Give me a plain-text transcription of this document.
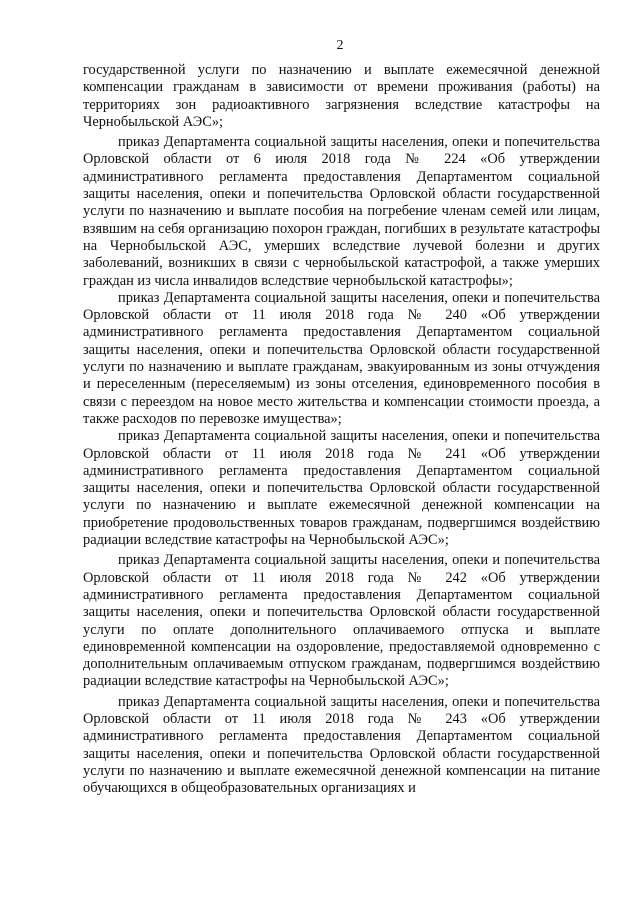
2

государственной услуги по назначению и выплате ежемесячной денежной компенсации гражданам в зависимости от времени проживания (работы) на территориях зон радиоактивного загрязнения вследствие катастрофы на Чернобыльской АЭС»;

приказ Департамента социальной защиты населения, опеки и попечительства Орловской области от 6 июля 2018 года № 224 «Об утверждении административного регламента предоставления Департаментом социальной защиты населения, опеки и попечительства Орловской области государственной услуги по назначению и выплате пособия на погребение членам семей или лицам, взявшим на себя организацию похорон граждан, погибших в результате катастрофы на Чернобыльской АЭС, умерших вследствие лучевой болезни и других заболеваний, возникших в связи с чернобыльской катастрофой, а также умерших граждан из числа инвалидов вследствие чернобыльской катастрофы»;

приказ Департамента социальной защиты населения, опеки и попечительства Орловской области от 11 июля 2018 года № 240 «Об утверждении административного регламента предоставления Департаментом социальной защиты населения, опеки и попечительства Орловской области государственной услуги по назначению и выплате гражданам, эвакуированным из зоны отчуждения и переселенным (переселяемым) из зоны отселения, единовременного пособия в связи с переездом на новое место жительства и компенсации стоимости проезда, а также расходов по перевозке имущества»;

приказ Департамента социальной защиты населения, опеки и попечительства Орловской области от 11 июля 2018 года № 241 «Об утверждении административного регламента предоставления Департаментом социальной защиты населения, опеки и попечительства Орловской области государственной услуги по назначению и выплате ежемесячной денежной компенсации на приобретение продовольственных товаров гражданам, подвергшимся воздействию радиации вследствие катастрофы на Чернобыльской АЭС»;

приказ Департамента социальной защиты населения, опеки и попечительства Орловской области от 11 июля 2018 года № 242 «Об утверждении административного регламента предоставления Департаментом социальной защиты населения, опеки и попечительства Орловской области государственной услуги по оплате дополнительного оплачиваемого отпуска и выплате единовременной компенсации на оздоровление, предоставляемой одновременно с дополнительным оплачиваемым отпуском гражданам, подвергшимся воздействию радиации вследствие катастрофы на Чернобыльской АЭС»;

приказ Департамента социальной защиты населения, опеки и попечительства Орловской области от 11 июля 2018 года № 243 «Об утверждении административного регламента предоставления Департаментом социальной защиты населения, опеки и попечительства Орловской области государственной услуги по назначению и выплате ежемесячной денежной компенсации на питание обучающихся в общеобразовательных организациях и
